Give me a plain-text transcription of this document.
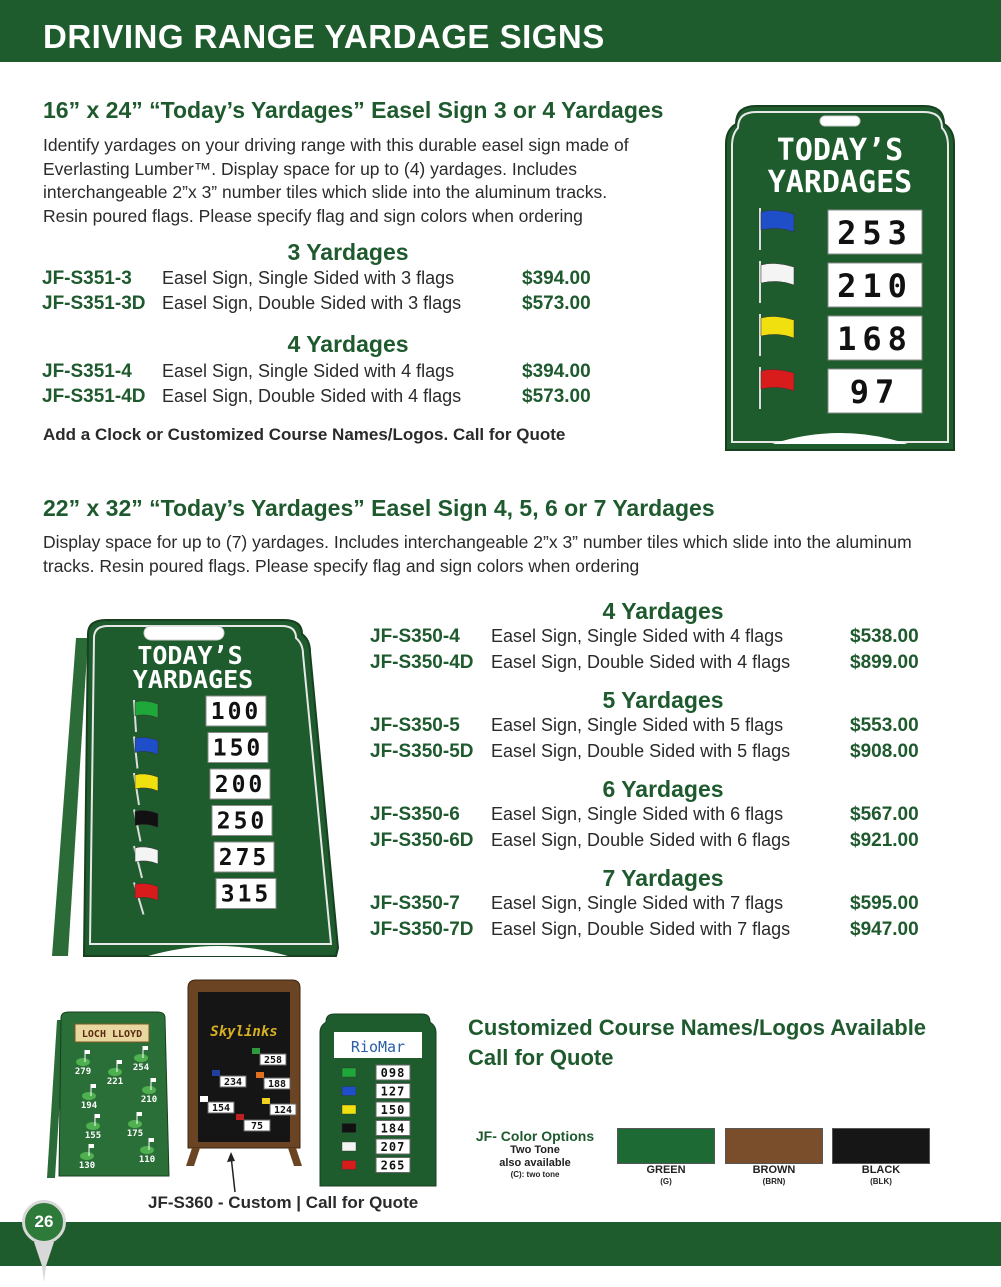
DRIVING RANGE YARDAGE SIGNS
16” x 24” “Today’s Yardages” Easel Sign 3 or 4 Yardages
Identify yardages on your driving range with this durable easel sign made of Everlasting Lumber™. Display space for up to (4) yardages. Includes interchangeable 2”x 3” number tiles which slide into the aluminum tracks. Resin poured flags. Please specify flag and sign colors when ordering
3 Yardages
JF-S351-3 Easel Sign, Single Sided with 3 flags	$394.00
JF-S351-3D Easel Sign, Double Sided with 3 flags	$573.00
4 Yardages
JF-S351-4 Easel Sign, Single Sided with 4 flags	$394.00
JF-S351-4D Easel Sign, Double Sided with 4 flags	$573.00
Add a Clock or Customized Course Names/Logos. Call for Quote
TODAY’S
YARDAGES
253
210
168
97
22” x 32” “Today’s Yardages” Easel Sign 4, 5, 6 or 7 Yardages
Display space for up to (7) yardages. Includes interchangeable 2”x 3” number tiles which slide into the aluminum tracks. Resin poured flags. Please specify flag and sign colors when ordering
4 Yardages
JF-S350-4 Easel Sign, Single Sided with 4 flags	$538.00
JF-S350-4D Easel Sign, Double Sided with 4 flags	$899.00
5 Yardages
JF-S350-5 Easel Sign, Single Sided with 5 flags	$553.00
JF-S350-5D Easel Sign, Double Sided with 5 flags	$908.00
6 Yardages
JF-S350-6 Easel Sign, Single Sided with 6 flags	$567.00
JF-S350-6D Easel Sign, Double Sided with 6 flags	$921.00
7 Yardages
JF-S350-7 Easel Sign, Single Sided with 7 flags	$595.00
JF-S350-7D Easel Sign, Double Sided with 7 flags	$947.00
TODAY’S
YARDAGES
100
150
200
250
275
315
LOCH LLOYD
279
221
254
194
210
155	175
130
110
Skylinks
258
234	188
154	124
75
RioMar
098
127
150
184
207
265
JF-S360 - Custom | Call for Quote
Customized Course Names/Logos Available
Call for Quote
JF- Color Options
Two Tone
also available
(C): two tone	GREEN
(G)
BROWN
(BRN)
BLACK
(BLK)
26
